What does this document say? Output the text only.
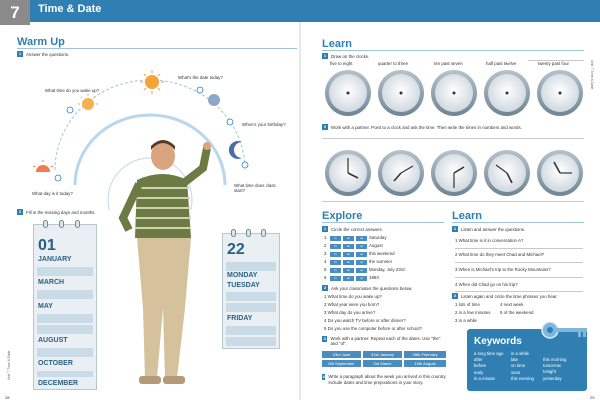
7	Time & Date
Warm Up
1	Answer the questions.
What time do you wake up?
What's the date today?
When's your birthday?
What time does class start?
What day is it today?
2	Fill in the missing days and months.
01
JANUARY
MARCH
MAY
AUGUST
OCTOBER
DECEMBER
22
MONDAY
TUESDAY
FRIDAY
28
Unit 7 Time & Date
Learn
1	Draw on the clocks.
five to eight	quarter to three	ten past seven	half past twelve	twenty past four
2	Work with a partner. Point to a clock and ask the time. Then write the times in numbers and words.
Explore
1	Circle the correct answers.
1	in	on	at Saturday
2	in	on	at August
3	in	on	at this weekend
4	in	on	at the summer
5	in	on	at Monday, July 23rd
6	in	on	at 1993
2	Ask your classmates the questions below.
1 What time do you wake up?
2 What year were you born?
3 What day do you arrive?
4 Do you watch TV before or after dinner?
5 Do you use the computer before or after school?
3	Work with a partner. Repeat each of the dates. Use "the" and "of".
23rd June	31st January	28th February
6th September	3rd March	19th August
4 Write a paragraph about the week you arrived in this country. Include dates and time prepositions in your story.
Learn
1	Listen and answer the questions.
1 What time is it in conversation A?
2 What time do they meet Chad and Michael?
3 When is Michael's trip to the Rocky Mountains?
4 When did Chad go on his trip?
2	Listen again and circle the time phrases you hear.
1 lots of time	4 next week
2 in a few minutes 5 of the weekend
3 in a while
Keywords
a long time ago
after
before
early
in a minute
in a while
late
on time
soon
this evening
this morning
tomorrow
tonight
yesterday
29
Unit 7 Time & Date
